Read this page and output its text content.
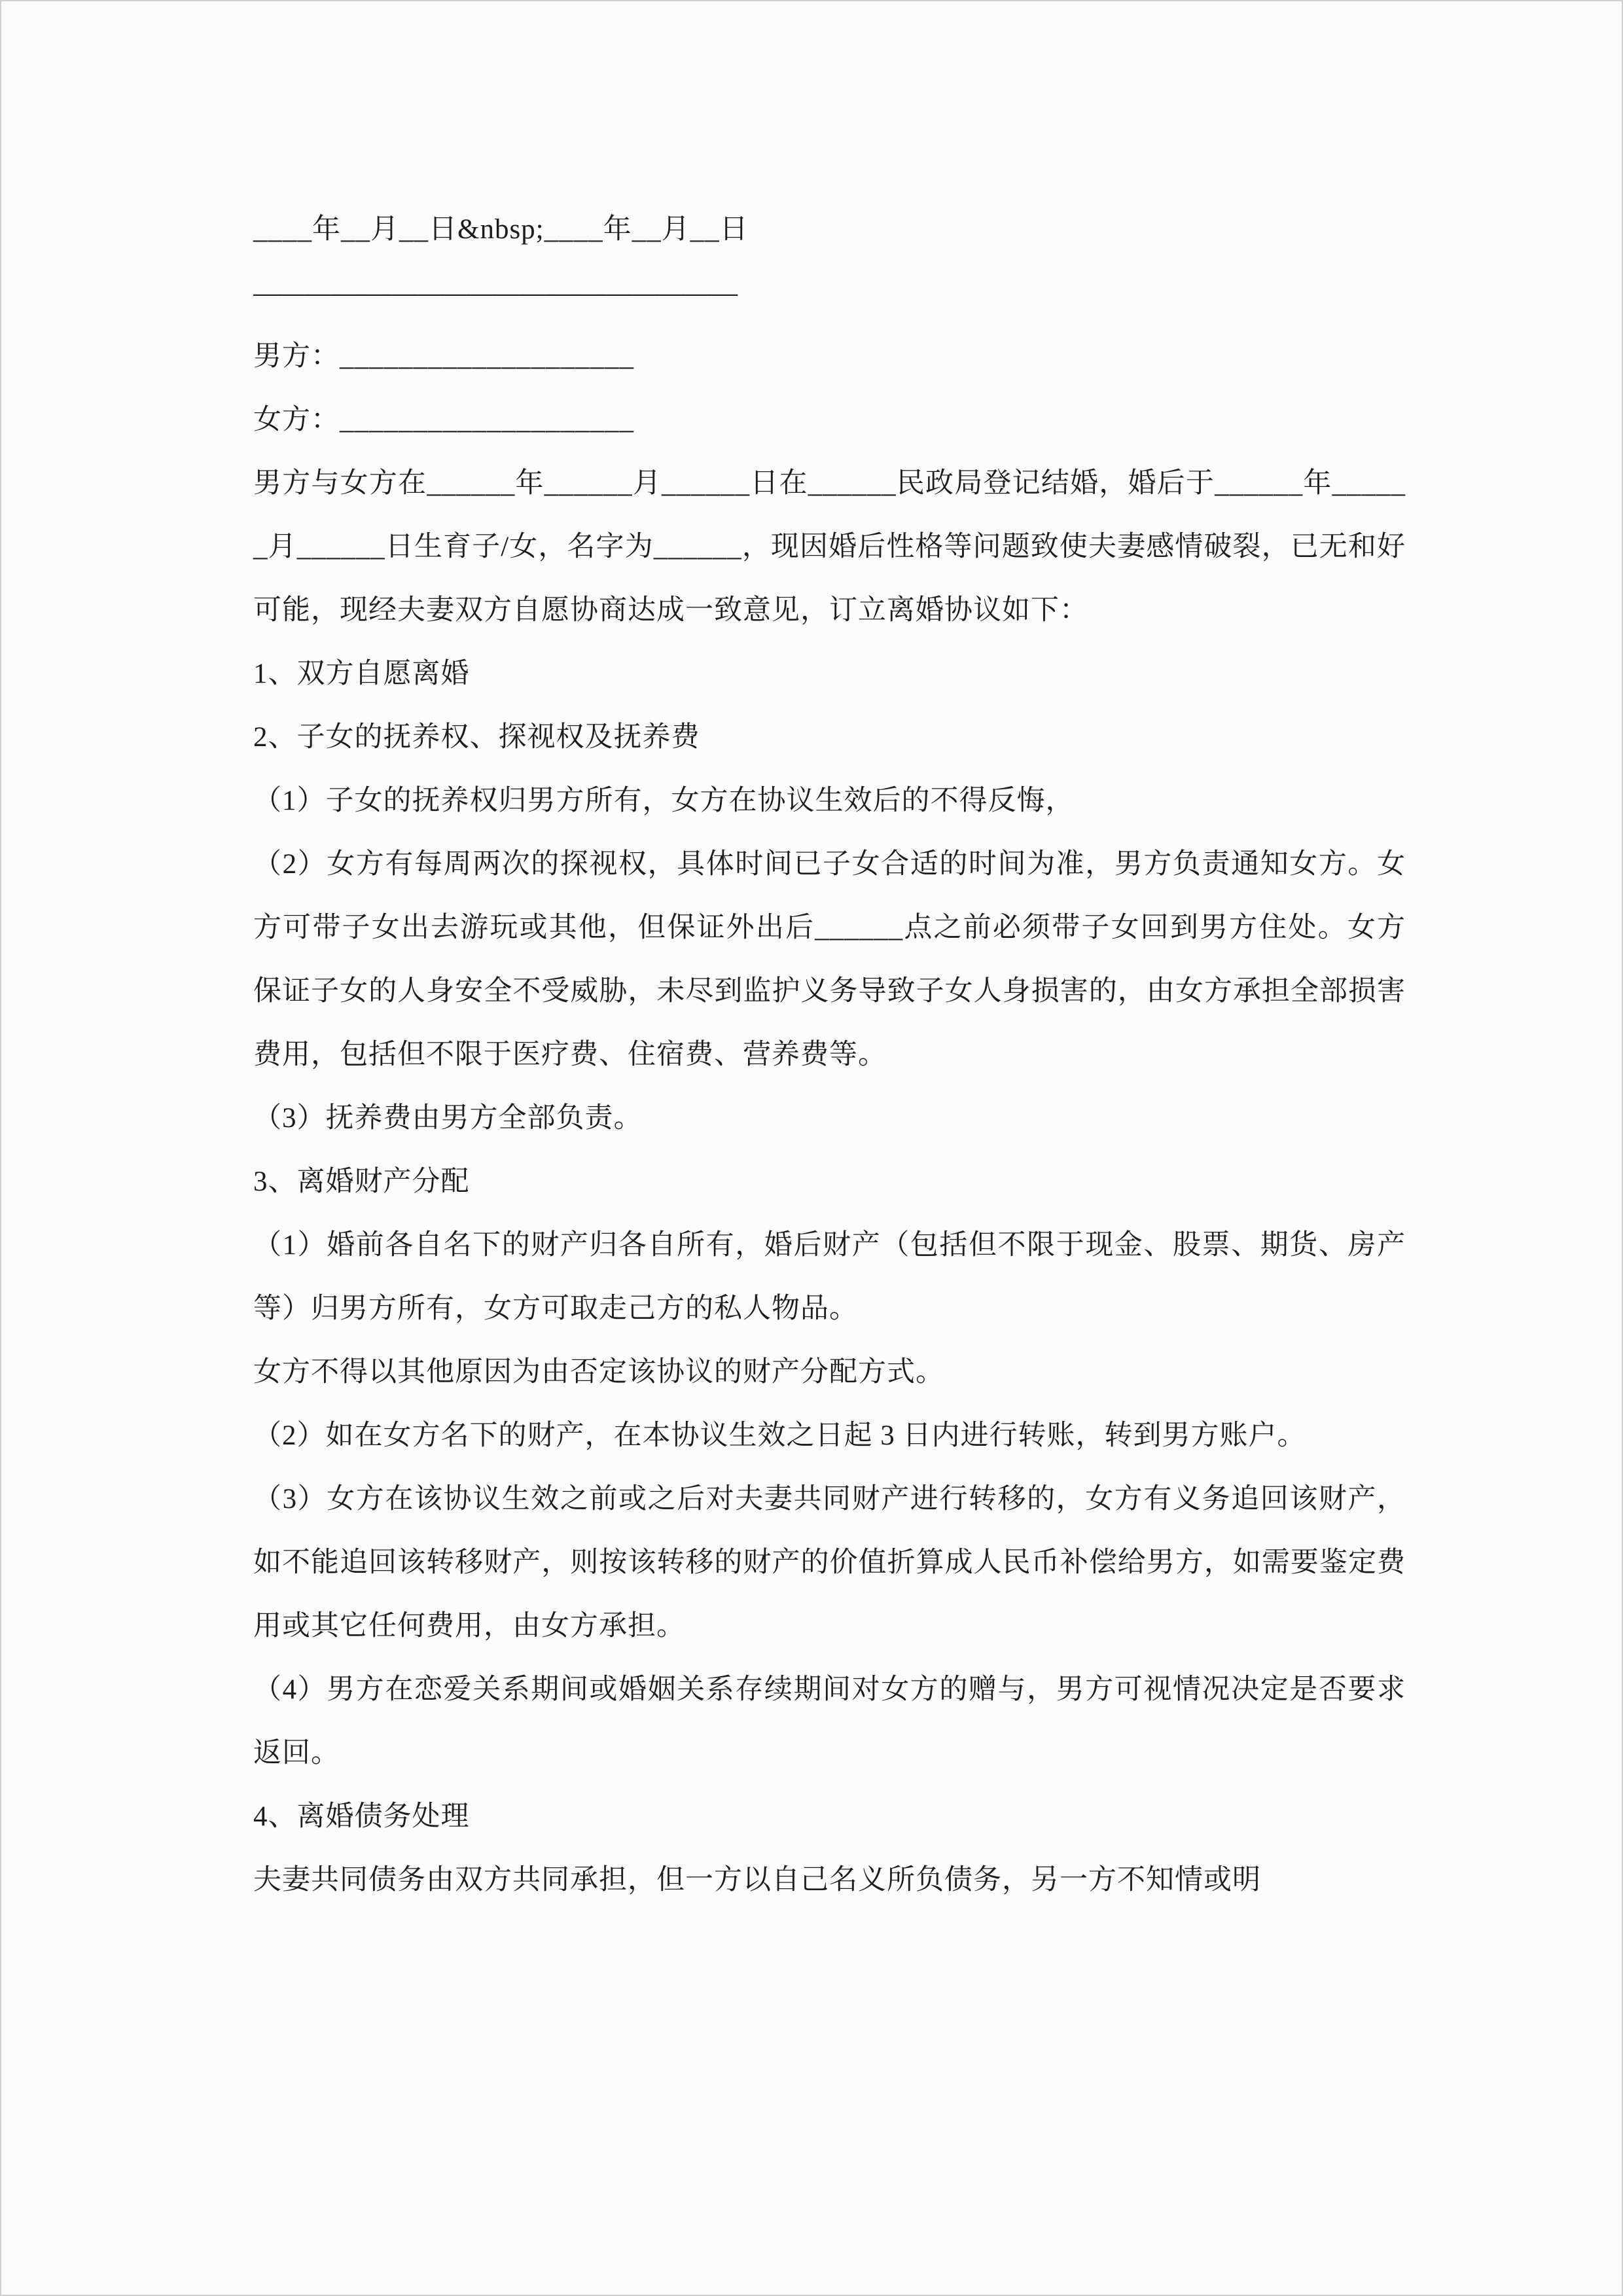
____年__月__日&nbsp;____年__月__日

——————————————————

男方：____________________

女方：____________________

男方与女方在______年______月______日在______民政局登记结婚，婚后于______年______月______日生育子/女，名字为______，现因婚后性格等问题致使夫妻感情破裂，已无和好可能，现经夫妻双方自愿协商达成一致意见，订立离婚协议如下：

1、双方自愿离婚

2、子女的抚养权、探视权及抚养费

（1）子女的抚养权归男方所有，女方在协议生效后的不得反悔，

（2）女方有每周两次的探视权，具体时间已子女合适的时间为准，男方负责通知女方。女方可带子女出去游玩或其他，但保证外出后______点之前必须带子女回到男方住处。女方保证子女的人身安全不受威胁，未尽到监护义务导致子女人身损害的，由女方承担全部损害费用，包括但不限于医疗费、住宿费、营养费等。

（3）抚养费由男方全部负责。

3、离婚财产分配

（1）婚前各自名下的财产归各自所有，婚后财产（包括但不限于现金、股票、期货、房产等）归男方所有，女方可取走己方的私人物品。

女方不得以其他原因为由否定该协议的财产分配方式。

（2）如在女方名下的财产，在本协议生效之日起 3 日内进行转账，转到男方账户。

（3）女方在该协议生效之前或之后对夫妻共同财产进行转移的，女方有义务追回该财产，如不能追回该转移财产，则按该转移的财产的价值折算成人民币补偿给男方，如需要鉴定费用或其它任何费用，由女方承担。

（4）男方在恋爱关系期间或婚姻关系存续期间对女方的赠与，男方可视情况决定是否要求返回。

4、离婚债务处理

夫妻共同债务由双方共同承担，但一方以自己名义所负债务，另一方不知情或明
